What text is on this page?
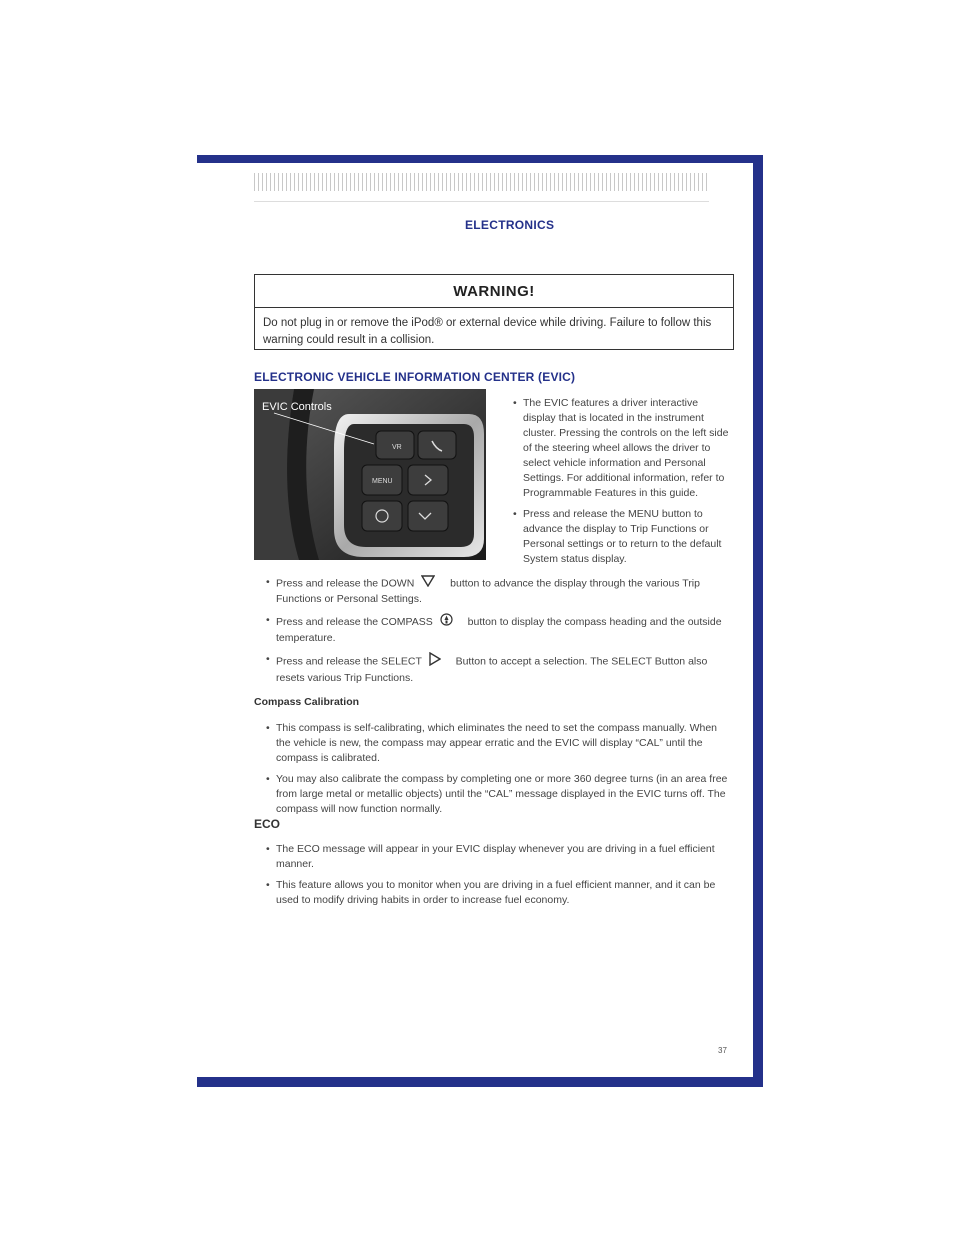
ELECTRONICS
WARNING!
Do not plug in or remove the iPod® or external device while driving. Failure to follow this warning could result in a collision.
ELECTRONIC VEHICLE INFORMATION CENTER (EVIC)
VR
MENU
EVIC Controls
•	The EVIC features a driver interactive display that is located in the instrument cluster. Pressing the controls on the left side of the steering wheel allows the driver to select vehicle information and Personal Settings. For additional information, refer to Programmable Features in this guide.
• Press and release the MENU button to advance the display to Trip Functions or Personal settings or to return to the default System status display.
• Press and release the DOWN	button to advance the display through the various Trip Functions or Personal Settings.
• Press and release the COMPASS	button to display the compass heading and the outside temperature.
• Press and release the SELECT	Button to accept a selection. The SELECT Button also resets various Trip Functions.
Compass Calibration
• This compass is self-calibrating, which eliminates the need to set the compass manually. When the vehicle is new, the compass may appear erratic and the EVIC will display “CAL” until the compass is calibrated.
• You may also calibrate the compass by completing one or more 360 degree turns (in an area free from large metal or metallic objects) until the “CAL” message displayed in the EVIC turns off. The compass will now function normally.
ECO
• The ECO message will appear in your EVIC display whenever you are driving in a fuel efficient manner.
• This feature allows you to monitor when you are driving in a fuel efficient manner, and it can be used to modify driving habits in order to increase fuel economy.
37
